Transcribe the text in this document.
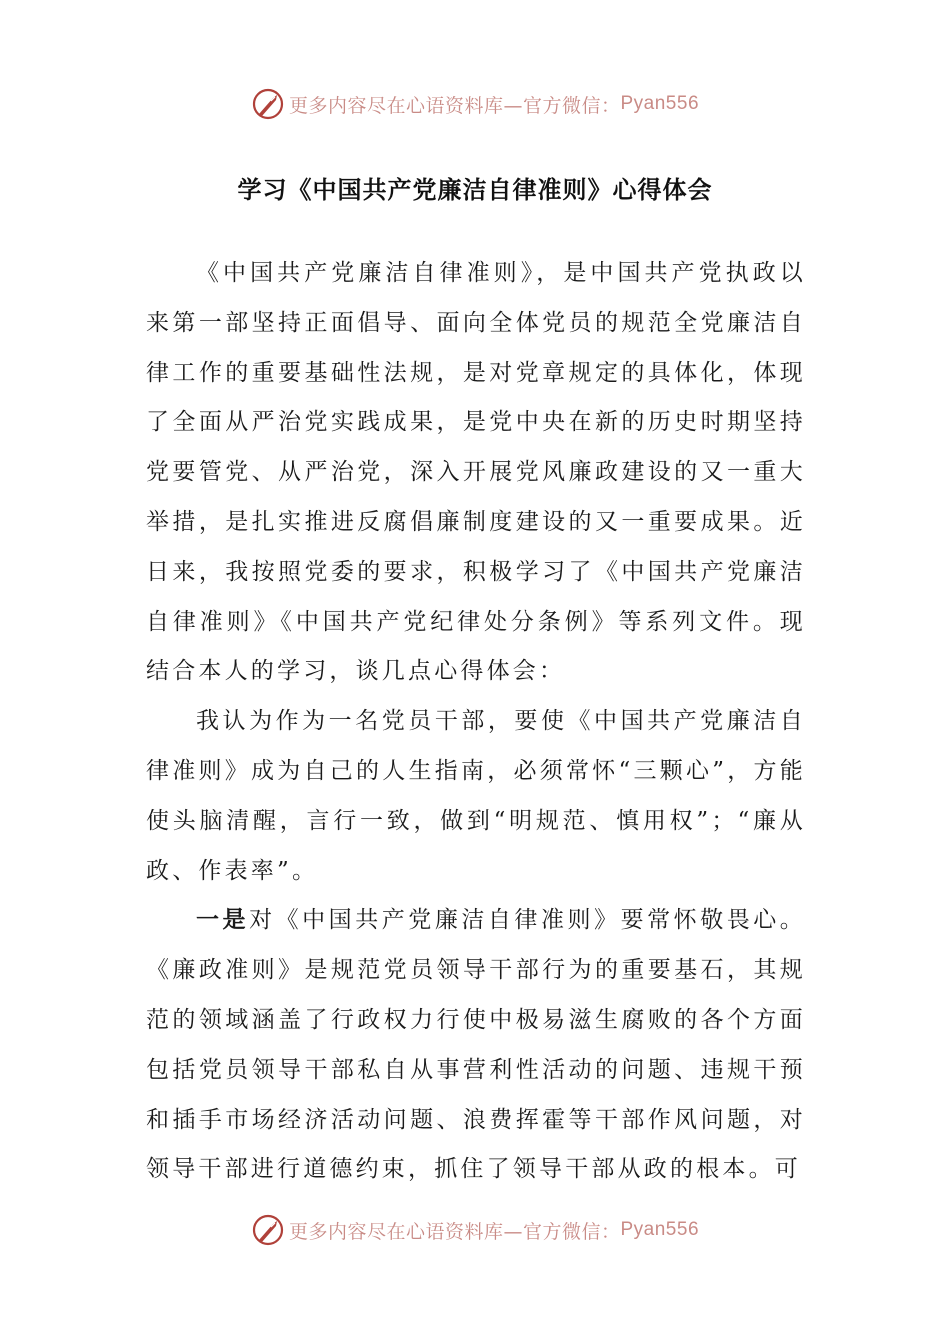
更多内容尽在心语资料库—官方微信： Pyan556
学习《中国共产党廉洁自律准则》心得体会

《中国共产党廉洁自律准则》，是中国共产党执政以来第一部坚持正面倡导、面向全体党员的规范全党廉洁自律工作的重要基础性法规，是对党章规定的具体化，体现了全面从严治党实践成果，是党中央在新的历史时期坚持党要管党、从严治党，深入开展党风廉政建设的又一重大举措，是扎实推进反腐倡廉制度建设的又一重要成果。近日来，我按照党委的要求，积极学习了《中国共产党廉洁自律准则》《中国共产党纪律处分条例》等系列文件。现结合本人的学习，谈几点心得体会：

我认为作为一名党员干部，要使《中国共产党廉洁自律准则》成为自己的人生指南，必须常怀“三颗心”，方能使头脑清醒，言行一致，做到“明规范、慎用权”；“廉从政、作表率”。

一是对《中国共产党廉洁自律准则》要常怀敬畏心。《廉政准则》是规范党员领导干部行为的重要基石，其规范的领域涵盖了行政权力行使中极易滋生腐败的各个方面包括党员领导干部私自从事营利性活动的问题、违规干预和插手市场经济活动问题、浪费挥霍等干部作风问题，对领导干部进行道德约束，抓住了领导干部从政的根本。可

更多内容尽在心语资料库—官方微信： Pyan556
